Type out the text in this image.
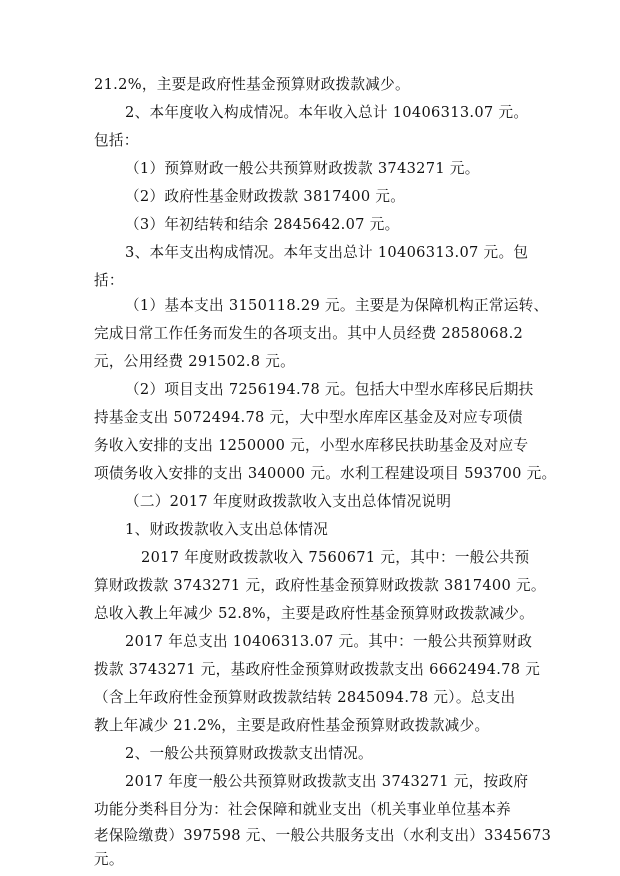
21.2%，主要是政府性基金预算财政拨款减少。
2、本年度收入构成情况。本年收入总计 10406313.07 元。
包括：
（1）预算财政一般公共预算财政拨款 3743271 元。
（2）政府性基金财政拨款 3817400 元。
（3）年初结转和结余 2845642.07 元。
3、本年支出构成情况。本年支出总计 10406313.07 元。包
括：
（1）基本支出 3150118.29 元。主要是为保障机构正常运转、
完成日常工作任务而发生的各项支出。其中人员经费 2858068.2
元，公用经费 291502.8 元。
（2）项目支出 7256194.78 元。包括大中型水库移民后期扶
持基金支出 5072494.78 元，大中型水库库区基金及对应专项债
务收入安排的支出 1250000 元，小型水库移民扶助基金及对应专
项债务收入安排的支出 340000 元。水利工程建设项目 593700 元。
（二）2017 年度财政拨款收入支出总体情况说明
1、财政拨款收入支出总体情况
2017 年度财政拨款收入 7560671 元，其中：一般公共预
算财政拨款 3743271 元，政府性基金预算财政拨款 3817400 元。
总收入教上年减少 52.8%，主要是政府性基金预算财政拨款减少。
2017 年总支出 10406313.07 元。其中：一般公共预算财政
拨款 3743271 元，基政府性金预算财政拨款支出 6662494.78 元
（含上年政府性金预算财政拨款结转 2845094.78 元）。总支出
教上年减少 21.2%，主要是政府性基金预算财政拨款减少。
2、一般公共预算财政拨款支出情况。
2017 年度一般公共预算财政拨款支出 3743271 元，按政府
功能分类科目分为：社会保障和就业支出（机关事业单位基本养
老保险缴费）397598 元、一般公共服务支出（水利支出）3345673
元。
